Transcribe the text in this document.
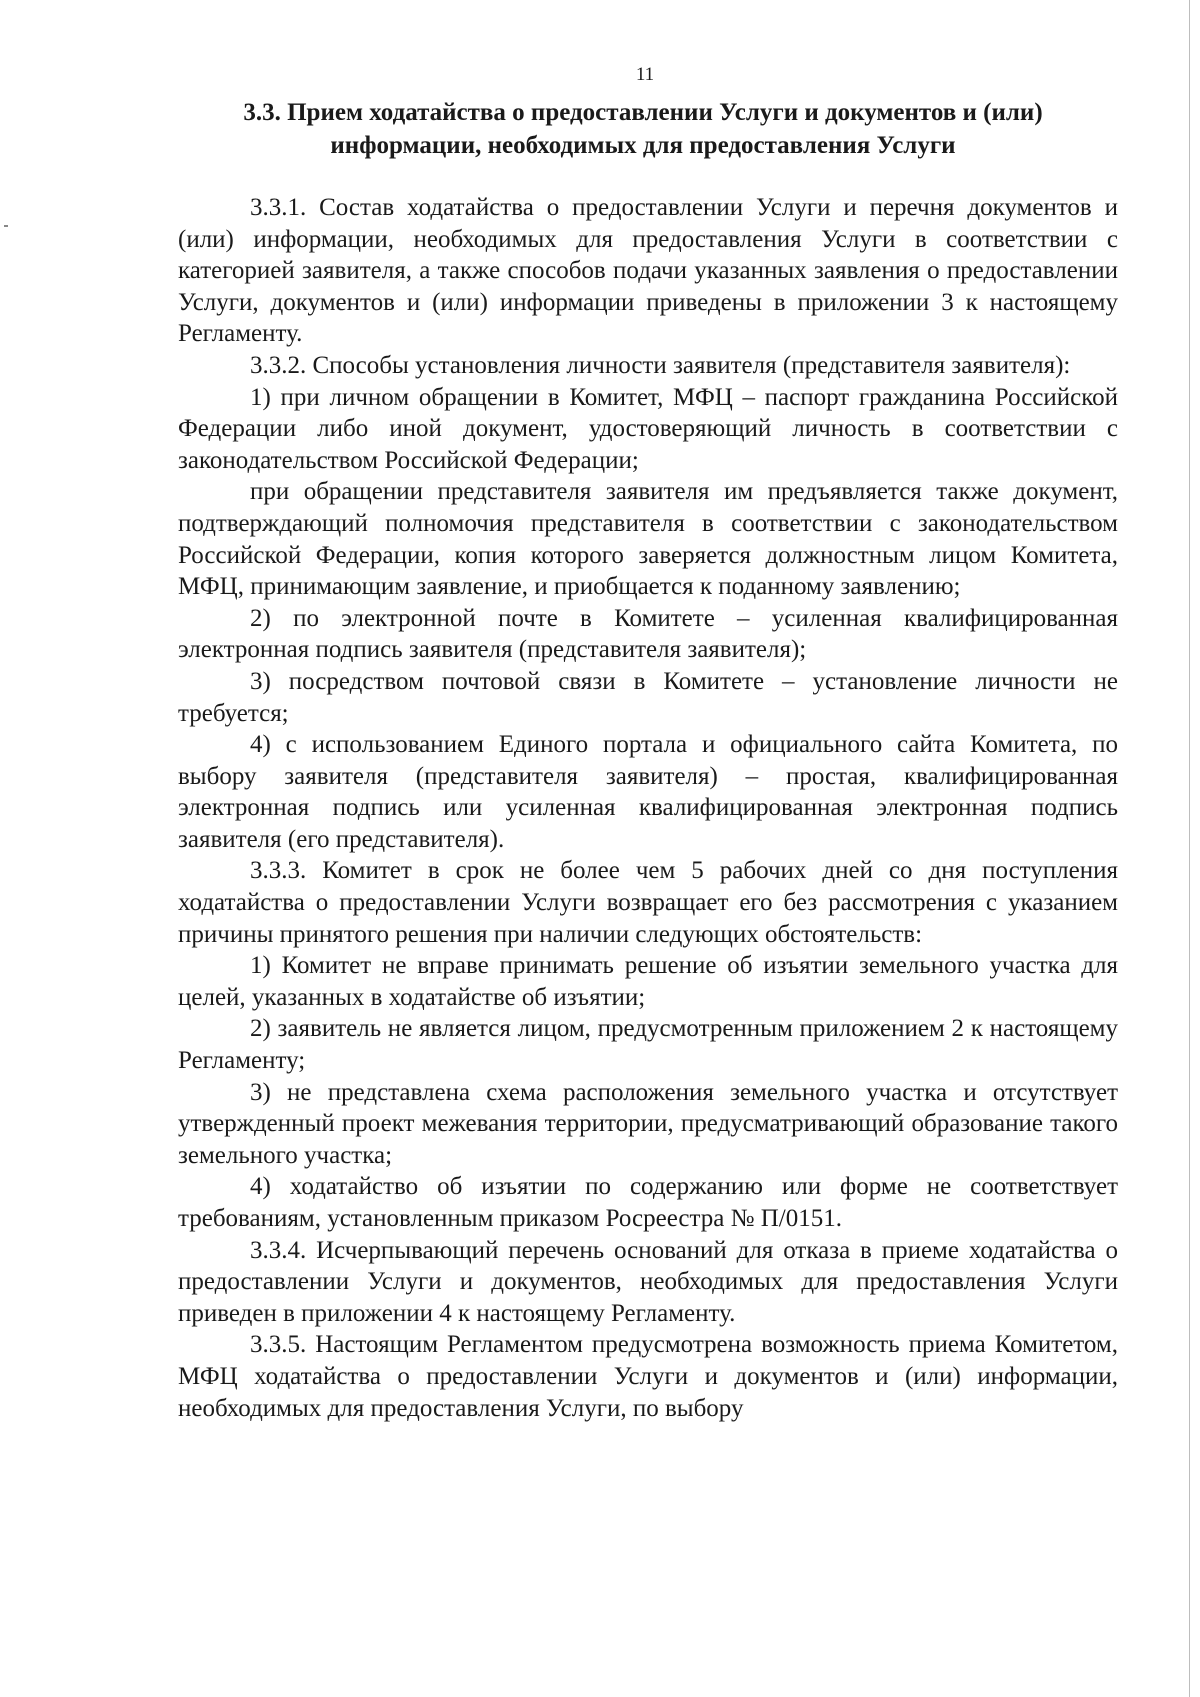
11
3.3. Прием ходатайства о предоставлении Услуги и документов и (или) информации, необходимых для предоставления Услуги

3.3.1. Состав ходатайства о предоставлении Услуги и перечня документов и (или) информации, необходимых для предоставления Услуги в соответствии с категорией заявителя, а также способов подачи указанных заявления о предоставлении Услуги, документов и (или) информации приведены в приложении 3 к настоящему Регламенту.

3.3.2. Способы установления личности заявителя (представителя заявителя):

1) при личном обращении в Комитет, МФЦ – паспорт гражданина Российской Федерации либо иной документ, удостоверяющий личность в соответствии с законодательством Российской Федерации;

при обращении представителя заявителя им предъявляется также документ, подтверждающий полномочия представителя в соответствии с законодательством Российской Федерации, копия которого заверяется должностным лицом Комитета, МФЦ, принимающим заявление, и приобщается к поданному заявлению;

2) по электронной почте в Комитете – усиленная квалифицированная электронная подпись заявителя (представителя заявителя);

3) посредством почтовой связи в Комитете – установление личности не требуется;

4) с использованием Единого портала и официального сайта Комитета, по выбору заявителя (представителя заявителя) – простая, квалифицированная электронная подпись или усиленная квалифицированная электронная подпись заявителя (его представителя).

3.3.3. Комитет в срок не более чем 5 рабочих дней со дня поступления ходатайства о предоставлении Услуги возвращает его без рассмотрения с указанием причины принятого решения при наличии следующих обстоятельств:

1) Комитет не вправе принимать решение об изъятии земельного участка для целей, указанных в ходатайстве об изъятии;

2) заявитель не является лицом, предусмотренным приложением 2 к настоящему Регламенту;

3) не представлена схема расположения земельного участка и отсутствует утвержденный проект межевания территории, предусматривающий образование такого земельного участка;

4) ходатайство об изъятии по содержанию или форме не соответствует требованиям, установленным приказом Росреестра № П/0151.

3.3.4. Исчерпывающий перечень оснований для отказа в приеме ходатайства о предоставлении Услуги и документов, необходимых для предоставления Услуги приведен в приложении 4 к настоящему Регламенту.

3.3.5. Настоящим Регламентом предусмотрена возможность приема Комитетом, МФЦ ходатайства о предоставлении Услуги и документов и (или) информации, необходимых для предоставления Услуги, по выбору
